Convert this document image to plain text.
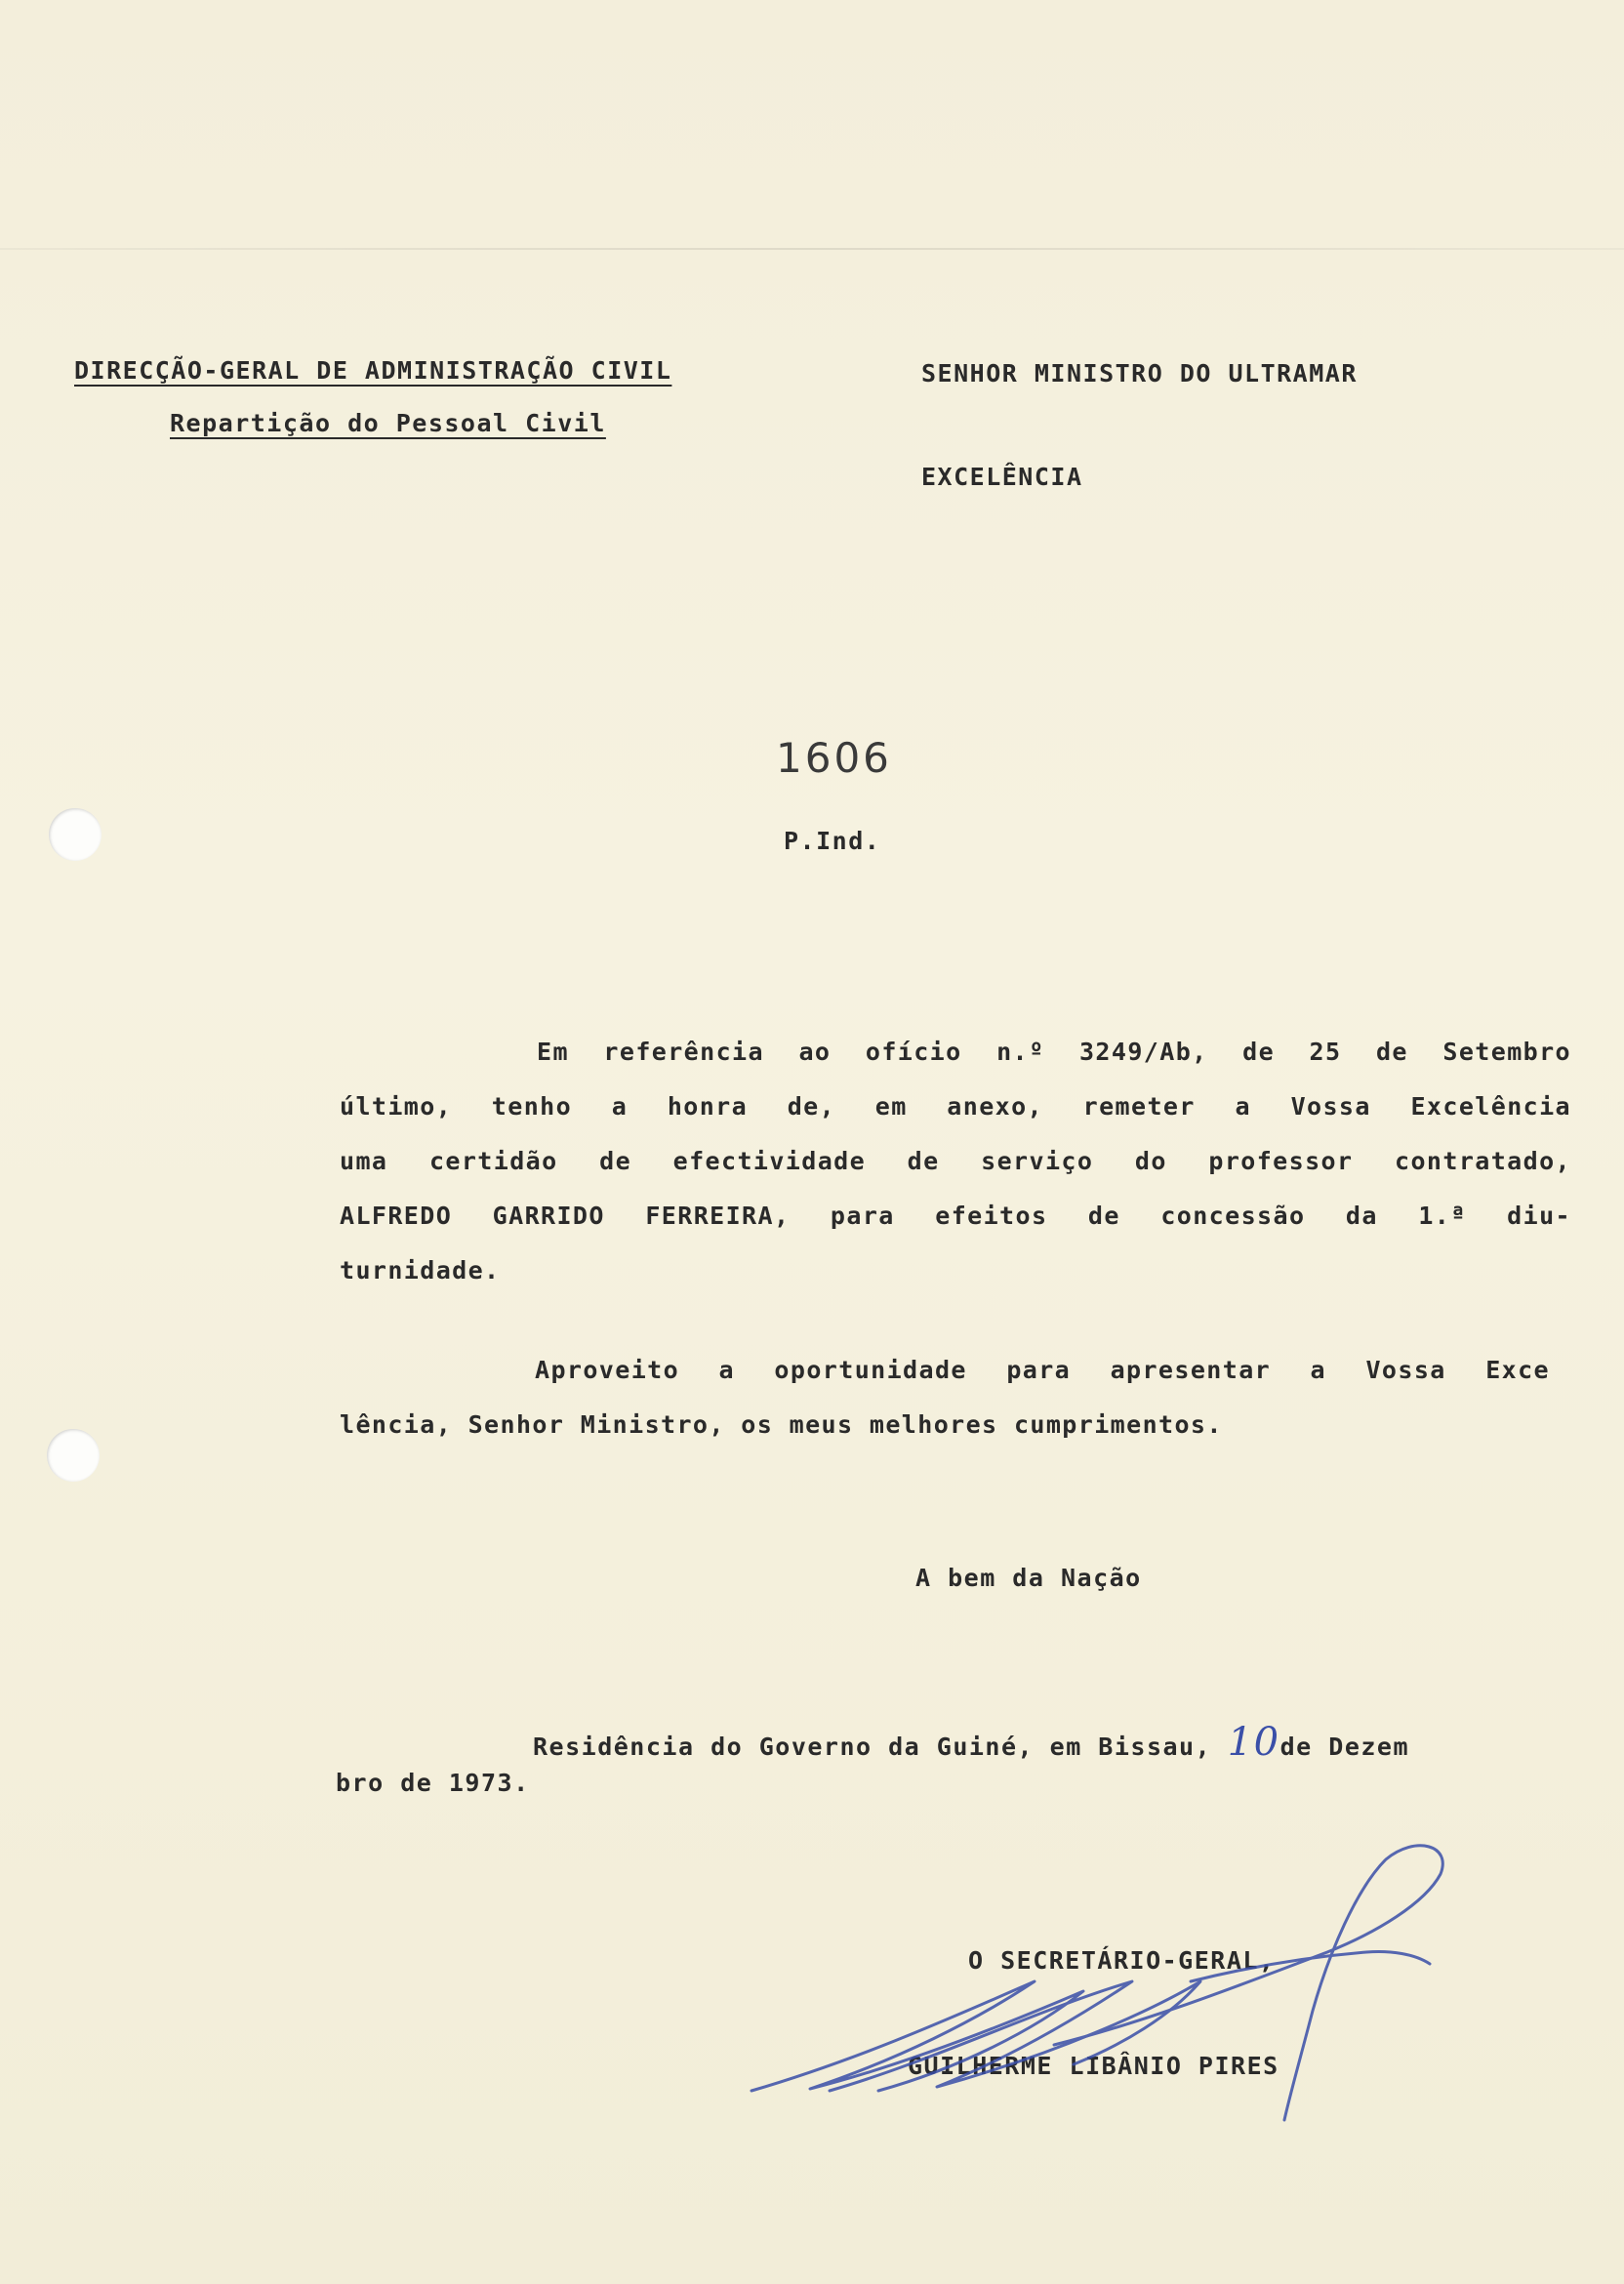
DIRECÇÃO-GERAL DE ADMINISTRAÇÃO CIVIL
Repartição do Pessoal Civil
SENHOR MINISTRO DO ULTRAMAR
EXCELÊNCIA
1606
P.Ind.
Em referência ao ofício n.º 3249/Ab, de 25 de Setembro
último, tenho a honra de, em anexo, remeter a Vossa Excelência
uma certidão de efectividade de serviço do professor contratado,
ALFREDO GARRIDO FERREIRA, para efeitos de concessão da 1.ª diu-
turnidade.
Aproveito a oportunidade para apresentar a Vossa Exce
lência, Senhor Ministro, os meus melhores cumprimentos.
A bem da Nação
Residência do Governo da Guiné, em Bissau, 10de Dezem
bro de 1973.
O SECRETÁRIO-GERAL,
GUILHERME LIBÂNIO PIRES
